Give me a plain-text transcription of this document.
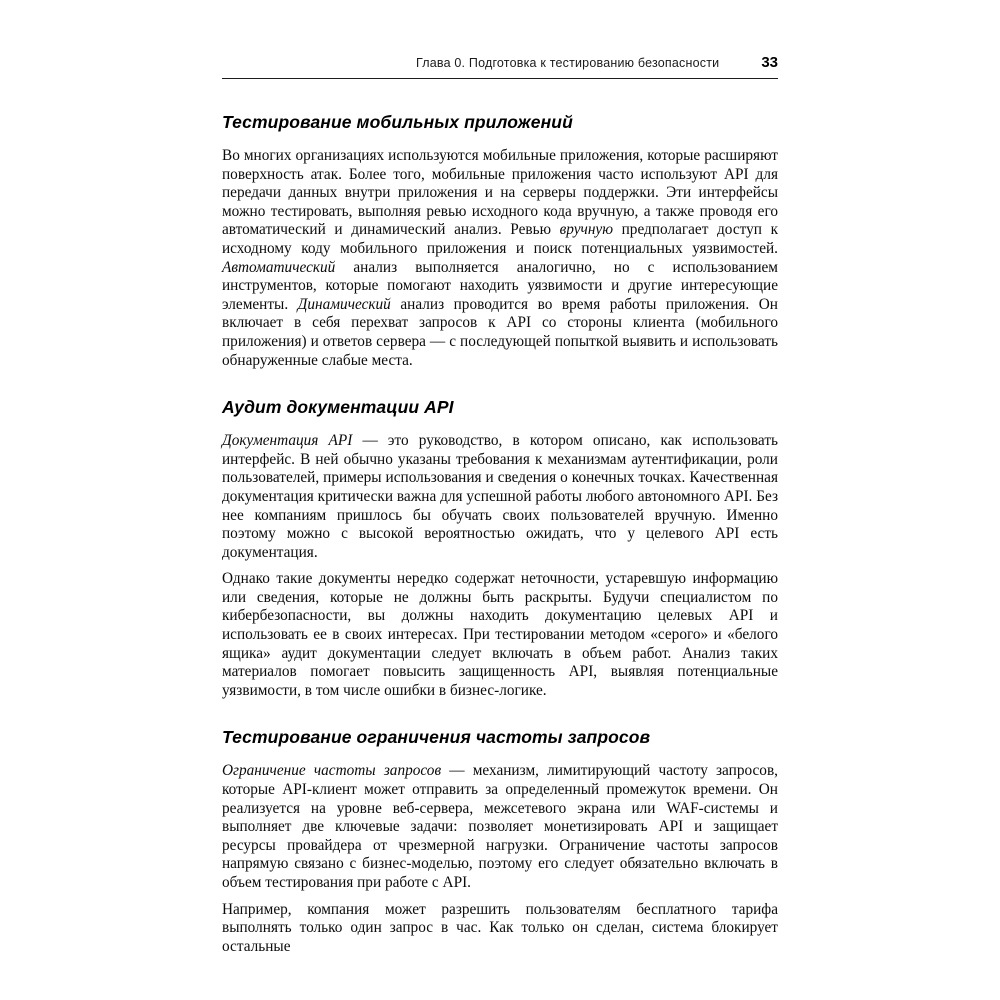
Глава 0. Подготовка к тестированию безопасности	33
Тестирование мобильных приложений

Во многих организациях используются мобильные приложения, которые расширяют поверхность атак. Более того, мобильные приложения часто используют API для передачи данных внутри приложения и на серверы поддержки. Эти интерфейсы можно тестировать, выполняя ревью исходного кода вручную, а также проводя его автоматический и динамический анализ. Ревью вручную предполагает доступ к исходному коду мобильного приложения и поиск потенциальных уязвимостей. Автоматический анализ выполняется аналогично, но с использованием инструментов, которые помогают находить уязвимости и другие интересующие элементы. Динамический анализ проводится во время работы приложения. Он включает в себя перехват запросов к API со стороны клиента (мобильного приложения) и ответов сервера — с последующей попыткой выявить и использовать обнаруженные слабые места.

Аудит документации API

Документация API — это руководство, в котором описано, как использовать интерфейс. В ней обычно указаны требования к механизмам аутентификации, роли пользователей, примеры использования и сведения о конечных точках. Качественная документация критически важна для успешной работы любого автономного API. Без нее компаниям пришлось бы обучать своих пользователей вручную. Именно поэтому можно с высокой вероятностью ожидать, что у целевого API есть документация.

Однако такие документы нередко содержат неточности, устаревшую информацию или сведения, которые не должны быть раскрыты. Будучи специалистом по кибербезопасности, вы должны находить документацию целевых API и использовать ее в своих интересах. При тестировании методом «серого» и «белого ящика» аудит документации следует включать в объем работ. Анализ таких материалов помогает повысить защищенность API, выявляя потенциальные уязвимости, в том числе ошибки в бизнес-логике.

Тестирование ограничения частоты запросов

Ограничение частоты запросов — механизм, лимитирующий частоту запросов, которые API-клиент может отправить за определенный промежуток времени. Он реализуется на уровне веб-сервера, межсетевого экрана или WAF-системы и выполняет две ключевые задачи: позволяет монетизировать API и защищает ресурсы провайдера от чрезмерной нагрузки. Ограничение частоты запросов напрямую связано с бизнес-моделью, поэтому его следует обязательно включать в объем тестирования при работе с API.

Например, компания может разрешить пользователям бесплатного тарифа выполнять только один запрос в час. Как только он сделан, система блокирует остальные
